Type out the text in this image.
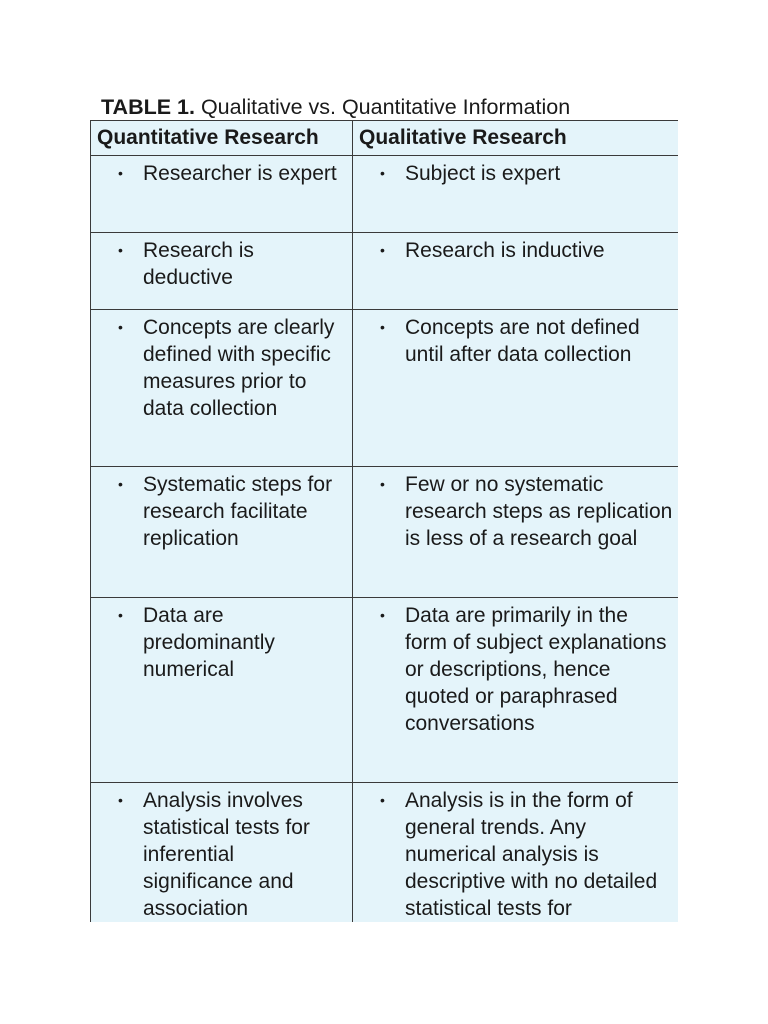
TABLE 1. Qualitative vs. Quantitative Information
Quantitative Research	Qualitative Research

• Researcher is expert	• Subject is expert

• Research is deductive	• Research is inductive

• Concepts are clearly defined with specific measures prior to data collection	• Concepts are not defined until after data collection

• Systematic steps for research facilitate replication	• Few or no systematic research steps as replication is less of a research goal

• Data are predominantly numerical	• Data are primarily in the form of subject explanations or descriptions, hence quoted or paraphrased conversations

• Analysis involves statistical tests for inferential significance and association	• Analysis is in the form of general trends. Any numerical analysis is descriptive with no detailed statistical tests for
